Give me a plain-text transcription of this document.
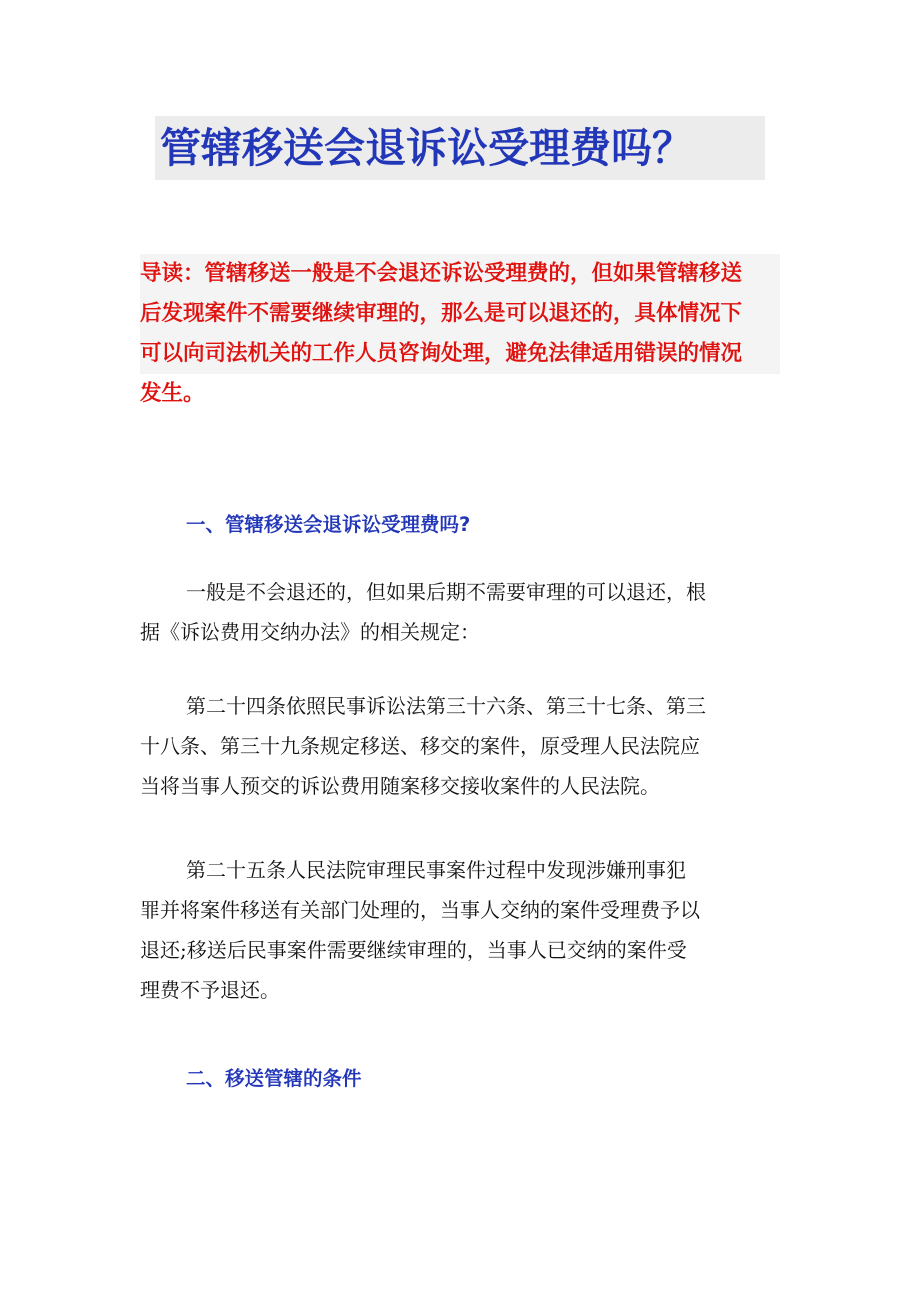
管辖移送会退诉讼受理费吗？
导读：管辖移送一般是不会退还诉讼受理费的，但如果管辖移送
后发现案件不需要继续审理的，那么是可以退还的，具体情况下
可以向司法机关的工作人员咨询处理，避免法律适用错误的情况
发生。
一、管辖移送会退诉讼受理费吗?
一般是不会退还的，但如果后期不需要审理的可以退还，根
据《诉讼费用交纳办法》的相关规定：
第二十四条依照民事诉讼法第三十六条、第三十七条、第三
十八条、第三十九条规定移送、移交的案件，原受理人民法院应
当将当事人预交的诉讼费用随案移交接收案件的人民法院。
第二十五条人民法院审理民事案件过程中发现涉嫌刑事犯
罪并将案件移送有关部门处理的，当事人交纳的案件受理费予以
退还;移送后民事案件需要继续审理的，当事人已交纳的案件受
理费不予退还。
二、移送管辖的条件
